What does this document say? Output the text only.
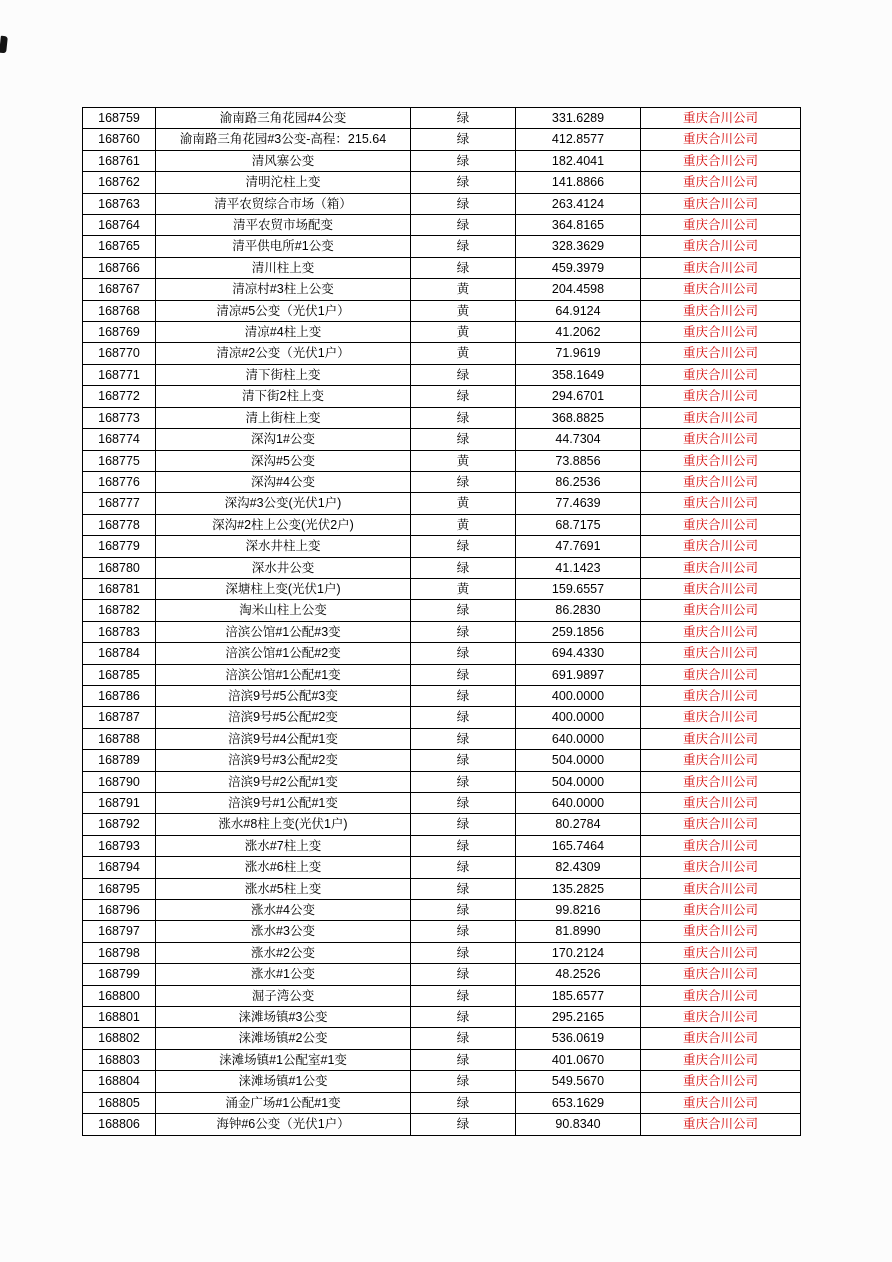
168759	渝南路三角花园#4公变	绿	331.6289	重庆合川公司
168760	渝南路三角花园#3公变-高程：215.64	绿	412.8577	重庆合川公司
168761	清风寨公变	绿	182.4041	重庆合川公司
168762	清明沱柱上变	绿	141.8866	重庆合川公司
168763	清平农贸综合市场（箱）	绿	263.4124	重庆合川公司
168764	清平农贸市场配变	绿	364.8165	重庆合川公司
168765	清平供电所#1公变	绿	328.3629	重庆合川公司
168766	清川柱上变	绿	459.3979	重庆合川公司
168767	清凉村#3柱上公变	黄	204.4598	重庆合川公司
168768	清凉#5公变（光伏1户）	黄	64.9124	重庆合川公司
168769	清凉#4柱上变	黄	41.2062	重庆合川公司
168770	清凉#2公变（光伏1户）	黄	71.9619	重庆合川公司
168771	清下街柱上变	绿	358.1649	重庆合川公司
168772	清下街2柱上变	绿	294.6701	重庆合川公司
168773	清上街柱上变	绿	368.8825	重庆合川公司
168774	深沟1#公变	绿	44.7304	重庆合川公司
168775	深沟#5公变	黄	73.8856	重庆合川公司
168776	深沟#4公变	绿	86.2536	重庆合川公司
168777	深沟#3公变(光伏1户)	黄	77.4639	重庆合川公司
168778	深沟#2柱上公变(光伏2户)	黄	68.7175	重庆合川公司
168779	深水井柱上变	绿	47.7691	重庆合川公司
168780	深水井公变	绿	41.1423	重庆合川公司
168781	深塘柱上变(光伏1户)	黄	159.6557	重庆合川公司
168782	淘米山柱上公变	绿	86.2830	重庆合川公司
168783	涪滨公馆#1公配#3变	绿	259.1856	重庆合川公司
168784	涪滨公馆#1公配#2变	绿	694.4330	重庆合川公司
168785	涪滨公馆#1公配#1变	绿	691.9897	重庆合川公司
168786	涪滨9号#5公配#3变	绿	400.0000	重庆合川公司
168787	涪滨9号#5公配#2变	绿	400.0000	重庆合川公司
168788	涪滨9号#4公配#1变	绿	640.0000	重庆合川公司
168789	涪滨9号#3公配#2变	绿	504.0000	重庆合川公司
168790	涪滨9号#2公配#1变	绿	504.0000	重庆合川公司
168791	涪滨9号#1公配#1变	绿	640.0000	重庆合川公司
168792	涨水#8柱上变(光伏1户)	绿	80.2784	重庆合川公司
168793	涨水#7柱上变	绿	165.7464	重庆合川公司
168794	涨水#6柱上变	绿	82.4309	重庆合川公司
168795	涨水#5柱上变	绿	135.2825	重庆合川公司
168796	涨水#4公变	绿	99.8216	重庆合川公司
168797	涨水#3公变	绿	81.8990	重庆合川公司
168798	涨水#2公变	绿	170.2124	重庆合川公司
168799	涨水#1公变	绿	48.2526	重庆合川公司
168800	淈子湾公变	绿	185.6577	重庆合川公司
168801	涞滩场镇#3公变	绿	295.2165	重庆合川公司
168802	涞滩场镇#2公变	绿	536.0619	重庆合川公司
168803	涞滩场镇#1公配室#1变	绿	401.0670	重庆合川公司
168804	涞滩场镇#1公变	绿	549.5670	重庆合川公司
168805	涌金广场#1公配#1变	绿	653.1629	重庆合川公司
168806	海钟#6公变（光伏1户）	绿	90.8340	重庆合川公司
